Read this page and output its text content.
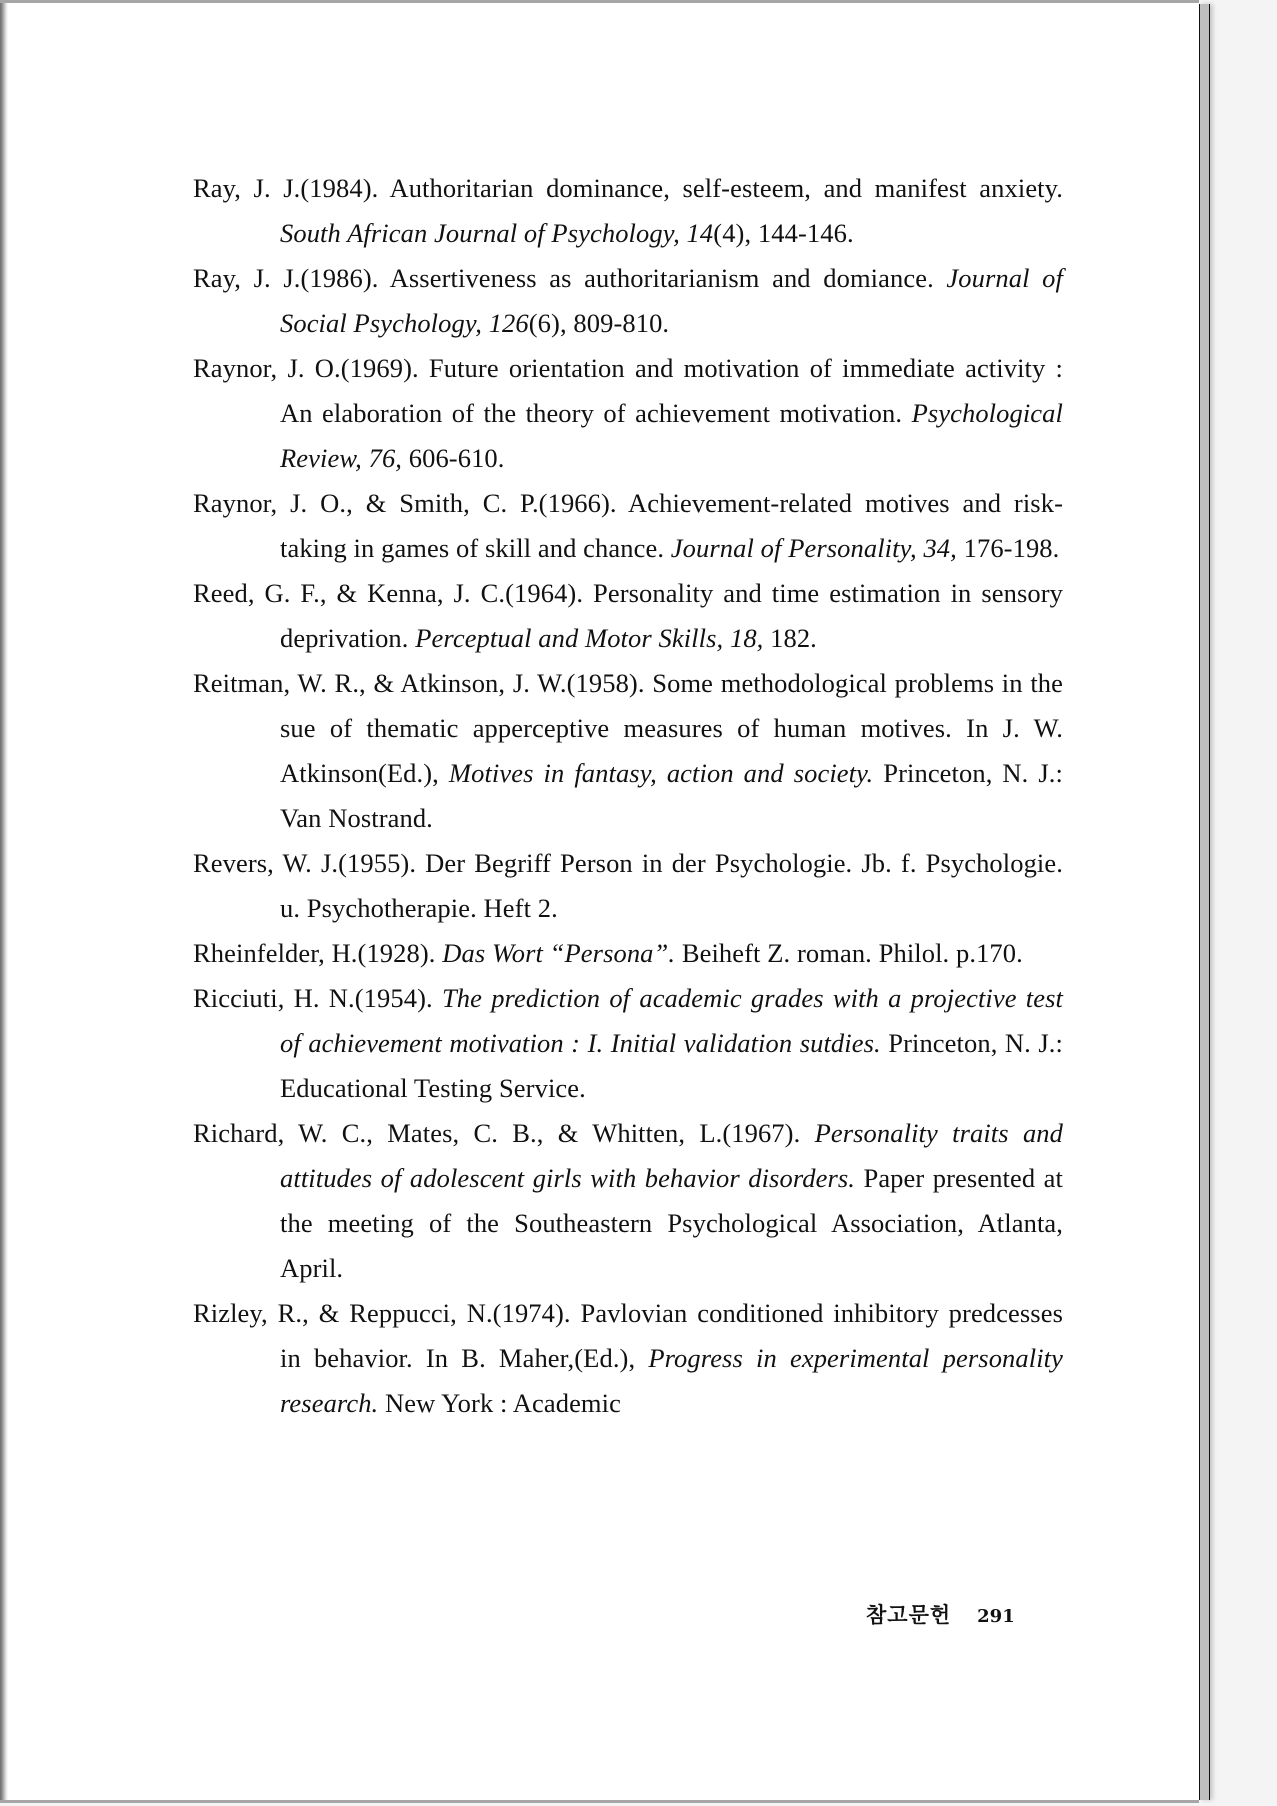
Ray, J. J.(1984). Authoritarian dominance, self-esteem, and manifest anxiety. South African Journal of Psychology, 14(4), 144-146.

Ray, J. J.(1986). Assertiveness as authoritarianism and domiance. Journal of Social Psychology, 126(6), 809-810.

Raynor, J. O.(1969). Future orientation and motivation of immediate activity : An elaboration of the theory of achievement motivation. Psychological Review, 76, 606-610.

Raynor, J. O., & Smith, C. P.(1966). Achievement-related motives and risk-taking in games of skill and chance. Journal of Personality, 34, 176-198.

Reed, G. F., & Kenna, J. C.(1964). Personality and time estimation in sensory deprivation. Perceptual and Motor Skills, 18, 182.

Reitman, W. R., & Atkinson, J. W.(1958). Some methodological problems in the sue of thematic apperceptive measures of human motives. In J. W. Atkinson(Ed.), Motives in fantasy, action and society. Princeton, N. J.: Van Nostrand.

Revers, W. J.(1955). Der Begriff Person in der Psychologie. Jb. f. Psychologie. u. Psychotherapie. Heft 2.

Rheinfelder, H.(1928). Das Wort “Persona”. Beiheft Z. roman. Philol. p.170.

Ricciuti, H. N.(1954). The prediction of academic grades with a projective test of achievement motivation : I. Initial validation sutdies. Princeton, N. J.: Educational Testing Service.

Richard, W. C., Mates, C. B., & Whitten, L.(1967). Personality traits and attitudes of adolescent girls with behavior disorders. Paper presented at the meeting of the Southeastern Psychological Association, Atlanta, April.

Rizley, R., & Reppucci, N.(1974). Pavlovian conditioned inhibitory predcesses in behavior. In B. Maher,(Ed.), Progress in experimental personality research. New York : Academic

참고문헌 291
